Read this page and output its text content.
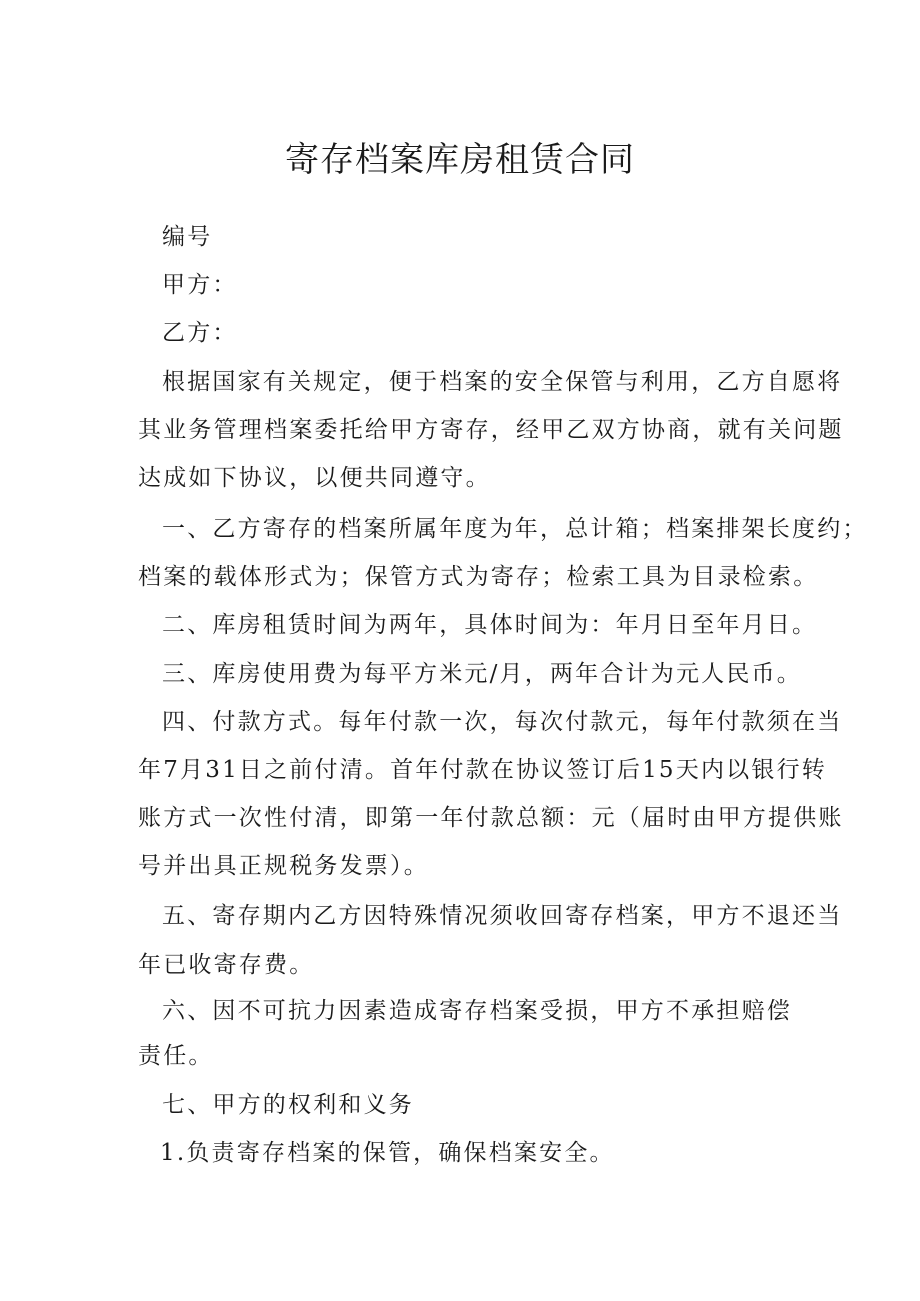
寄存档案库房租赁合同

编号

甲方：

乙方：

根据国家有关规定，便于档案的安全保管与利用，乙方自愿将

其业务管理档案委托给甲方寄存，经甲乙双方协商，就有关问题

达成如下协议，以便共同遵守。

一、乙方寄存的档案所属年度为年，总计箱；档案排架长度约；

档案的载体形式为；保管方式为寄存；检索工具为目录检索。

二、库房租赁时间为两年，具体时间为：年月日至年月日。

三、库房使用费为每平方米元/月，两年合计为元人民币。

四、付款方式。每年付款一次，每次付款元，每年付款须在当

年7月31日之前付清。首年付款在协议签订后15天内以银行转

账方式一次性付清，即第一年付款总额：元（届时由甲方提供账

号并出具正规税务发票）。

五、寄存期内乙方因特殊情况须收回寄存档案，甲方不退还当

年已收寄存费。

六、因不可抗力因素造成寄存档案受损，甲方不承担赔偿

责任。

七、甲方的权利和义务

1.负责寄存档案的保管，确保档案安全。
